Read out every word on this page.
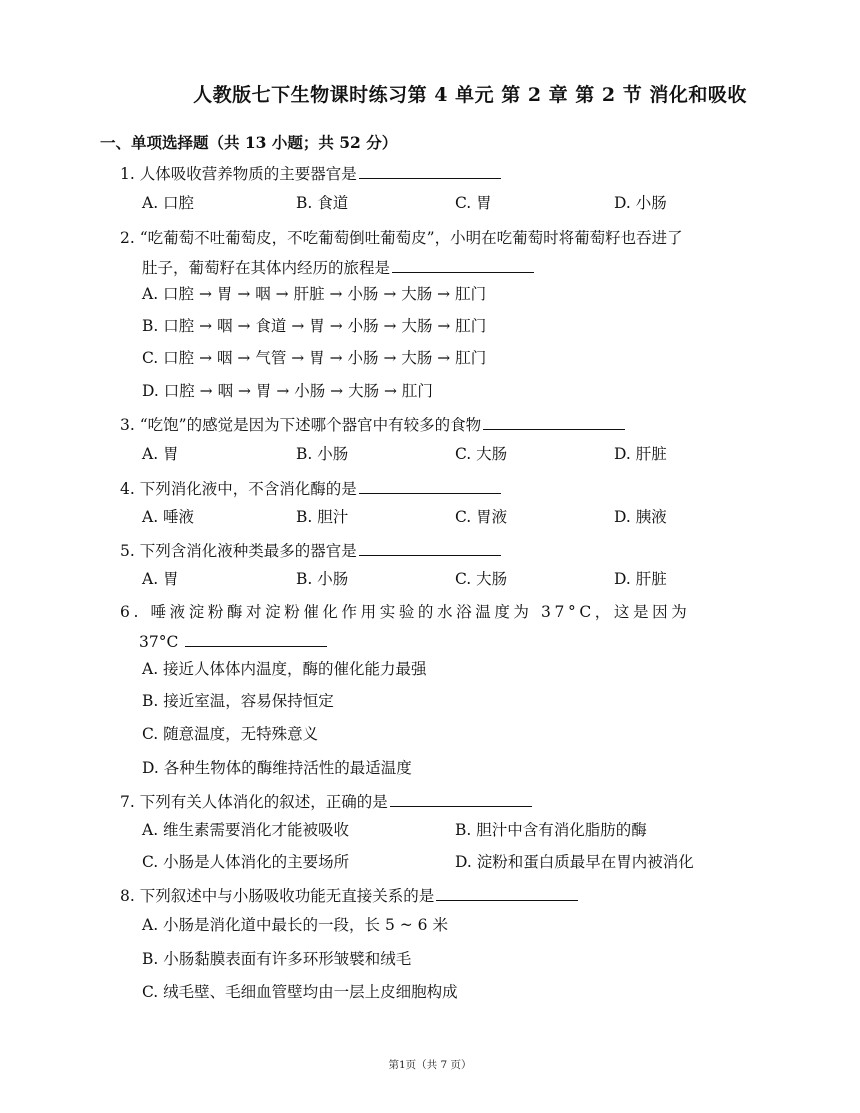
人教版七下生物课时练习第 4 单元 第 2 章 第 2 节 消化和吸收
一、单项选择题（共 13 小题；共 52 分）
1. 人体吸收营养物质的主要器官是
A. 口腔	B. 食道	C. 胃	D. 小肠
2. “吃葡萄不吐葡萄皮，不吃葡萄倒吐葡萄皮”，小明在吃葡萄时将葡萄籽也吞进了
肚子，葡萄籽在其体内经历的旅程是
A. 口腔 → 胃 → 咽 → 肝脏 → 小肠 → 大肠 → 肛门
B. 口腔 → 咽 → 食道 → 胃 → 小肠 → 大肠 → 肛门
C. 口腔 → 咽 → 气管 → 胃 → 小肠 → 大肠 → 肛门
D. 口腔 → 咽 → 胃 → 小肠 → 大肠 → 肛门
3. “吃饱”的感觉是因为下述哪个器官中有较多的食物
A. 胃	B. 小肠	C. 大肠	D. 肝脏
4. 下列消化液中，不含消化酶的是
A. 唾液	B. 胆汁	C. 胃液	D. 胰液
5. 下列含消化液种类最多的器官是
A. 胃	B. 小肠	C. 大肠	D. 肝脏
6. 唾液淀粉酶对淀粉催化作用实验的水浴温度为 37°C，这是因为
37°C
A. 接近人体体内温度，酶的催化能力最强
B. 接近室温，容易保持恒定
C. 随意温度，无特殊意义
D. 各种生物体的酶维持活性的最适温度
7. 下列有关人体消化的叙述，正确的是
A. 维生素需要消化才能被吸收	B. 胆汁中含有消化脂肪的酶
C. 小肠是人体消化的主要场所	D. 淀粉和蛋白质最早在胃内被消化
8. 下列叙述中与小肠吸收功能无直接关系的是
A. 小肠是消化道中最长的一段，长 5 ~ 6 米
B. 小肠黏膜表面有许多环形皱襞和绒毛
C. 绒毛壁、毛细血管壁均由一层上皮细胞构成
第1页（共 7 页）
